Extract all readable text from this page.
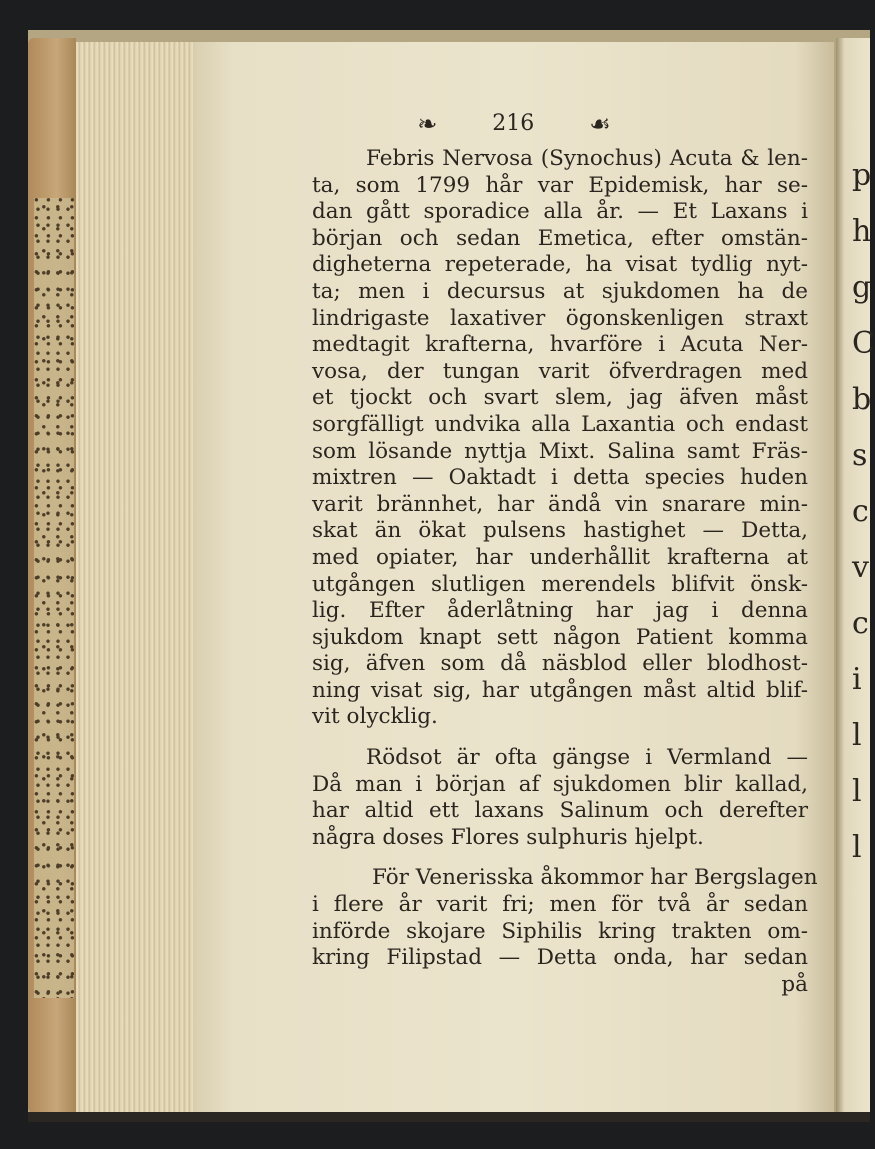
❧	216 ☙
Febris Nervosa (Synochus) Acuta & len-
ta, som 1799 hår var Epidemisk, har se-
dan gått sporadice alla år. — Et Laxans i
början och sedan Emetica, efter omstän-
digheterna repeterade, ha visat tydlig nyt-
ta; men i decursus at sjukdomen ha de
lindrigaste laxativer ögonskenligen straxt
medtagit krafterna, hvarföre i Acuta Ner-
vosa, der tungan varit öfverdragen med
et tjockt och svart slem, jag äfven måst
sorgfälligt undvika alla Laxantia och endast
som lösande nyttja Mixt. Salina samt Fräs-
mixtren — Oaktadt i detta species huden
varit brännhet, har ändå vin snarare min-
skat än ökat pulsens hastighet — Detta,
med opiater, har underhållit krafterna at
utgången slutligen merendels blifvit önsk-
lig. Efter åderlåtning har jag i denna
sjukdom knapt sett någon Patient komma
sig, äfven som då näsblod eller blodhost-
ning visat sig, har utgången måst altid blif-
vit olycklig.
Rödsot är ofta gängse i Vermland —
Då man i början af sjukdomen blir kallad,
har altid ett laxans Salinum och derefter
några doses Flores sulphuris hjelpt.
För Venerisska åkommor har Bergslagen
i flere år varit fri; men för två år sedan
införde skojare Siphilis kring trakten om-
kring Filipstad — Detta onda, har sedan
på
p
h
g
C
b
s
c
v
c
i
l
l
l
